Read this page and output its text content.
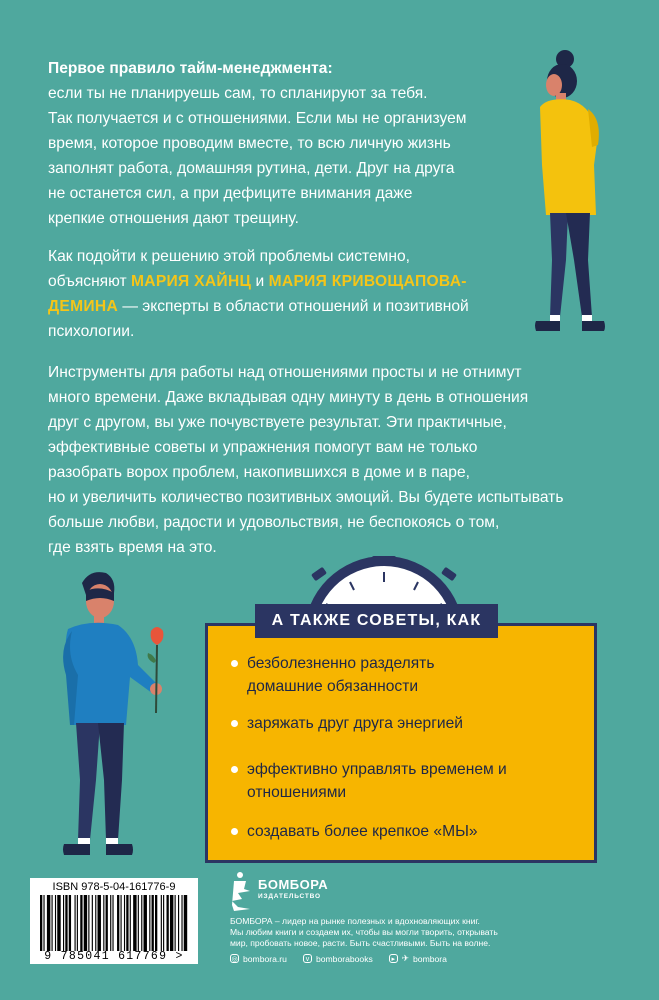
Первое правило тайм-менеджмента:

если ты не планируешь сам, то спланируют за тебя.

Так получается и с отношениями. Если мы не организуем

время, которое проводим вместе, то всю личную жизнь

заполнят работа, домашняя рутина, дети. Друг на друга

не останется сил, а при дефиците внимания даже

крепкие отношения дают трещину.

Как подойти к решению этой проблемы системно,

объясняют МАРИЯ ХАЙНЦ и МАРИЯ КРИВОЩАПОВА-

ДЕМИНА — эксперты в области отношений и позитивной

психологии.

Инструменты для работы над отношениями просты и не отнимут

много времени. Даже вкладывая одну минуту в день в отношения

друг с другом, вы уже почувствуете результат. Эти практичные,

эффективные советы и упражнения помогут вам не только

разобрать ворох проблем, накопившихся в доме и в паре,

но и увеличить количество позитивных эмоций. Вы будете испытывать

больше любви, радости и удовольствия, не беспокоясь о том,

где взять время на это.

безболезненно разделять
домашние обязанности
заряжать друг друга энергией
эффективно управлять временем и
отношениями
создавать более крепкое «МЫ»
А ТАКЖЕ СОВЕТЫ, КАК
ISBN 978-5-04-161776-9
9 785041 617769 >
БОМБОРА
ИЗДАТЕЛЬСТВО
БОМБОРА – лидер на рынке полезных и вдохновляющих книг.
Мы любим книги и создаем их, чтобы вы могли творить, открывать
мир, пробовать новое, расти. Быть счастливыми. Быть на волне.
◎ bombora.ru	v bomborabooks	▸ ✈ bombora
